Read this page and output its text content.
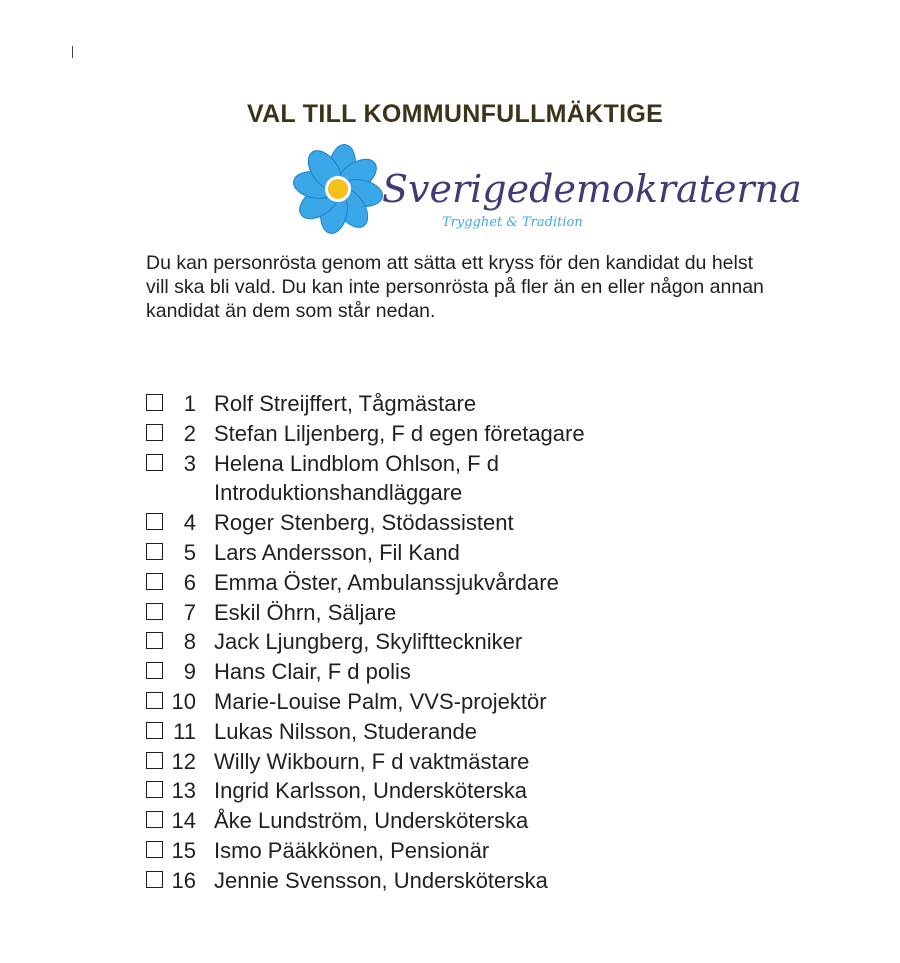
VAL TILL KOMMUNFULLMÄKTIGE
Sverigedemokraterna
Trygghet & Tradition

Du kan personrösta genom att sätta ett kryss för den kandidat du helst vill ska bli vald. Du kan inte personrösta på fler än en eller någon annan kandidat än dem som står nedan.

1 Rolf Streijffert, Tågmästare
2 Stefan Liljenberg, F d egen företagare
3 Helena Lindblom Ohlson, F d Introduktionshandläggare
4 Roger Stenberg, Stödassistent
5 Lars Andersson, Fil Kand
6 Emma Öster, Ambulanssjukvårdare
7 Eskil Öhrn, Säljare
8 Jack Ljungberg, Skyliftteckniker
9 Hans Clair, F d polis
10 Marie-Louise Palm, VVS-projektör
11 Lukas Nilsson, Studerande
12 Willy Wikbourn, F d vaktmästare
13 Ingrid Karlsson, Undersköterska
14 Åke Lundström, Undersköterska
15 Ismo Pääkkönen, Pensionär
16 Jennie Svensson, Undersköterska
